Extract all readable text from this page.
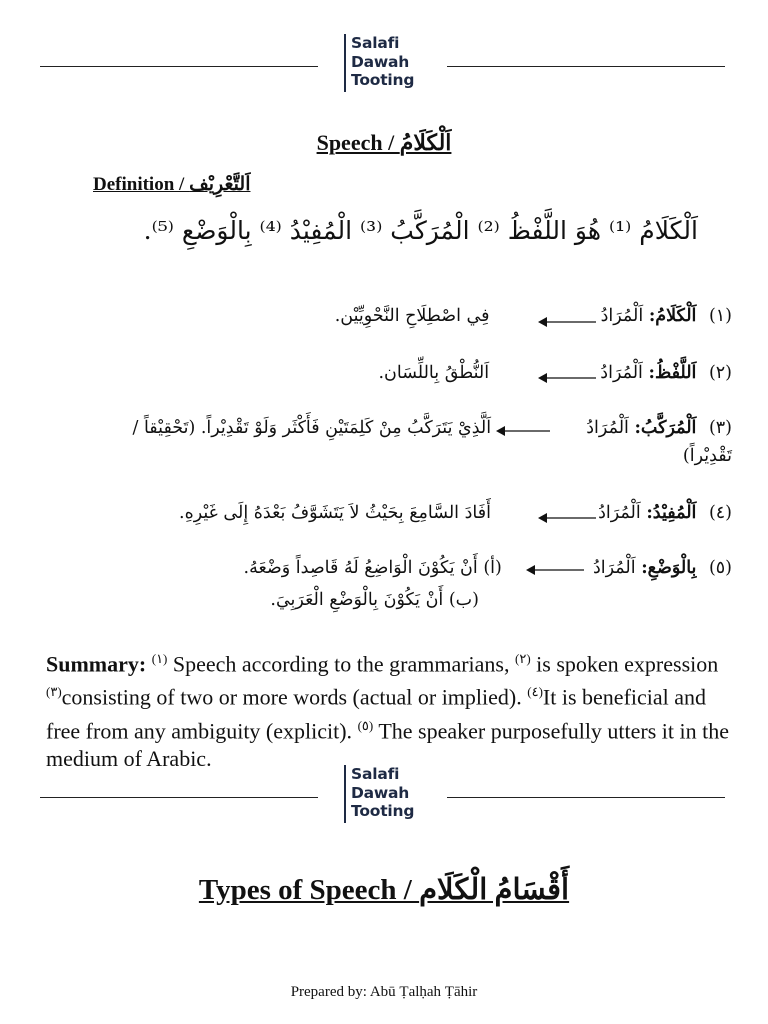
Salafi
Dawah
Tooting
Speech / اَلْكَلَامُ
Definition / اَلتَّعْرِيْف
اَلْكَلَامُ ⁽¹⁾ هُوَ اللَّفْظُ ⁽²⁾ الْمُرَكَّبُ ⁽³⁾ الْمُفِيْدُ ⁽⁴⁾ بِالْوَضْعِ ⁽⁵⁾.
(١) اَلْكَلَامُ: اَلْمُرَادُ  فِي اصْطِلَاحِ النَّحْوِيِّيْن.
(٢) اَللَّفْظُ: اَلْمُرَادُ  اَلنُّطْقُ بِاللِّسَان.
(٣) اَلْمُرَكَّبُ: اَلْمُرَادُ  اَلَّذِيْ يَتَرَكَّبُ مِنْ كَلِمَتَيْنِ فَأَكْثَر وَلَوْ تَقْدِيْراً. (تَحْقِيْقاً /
تَقْدِيْراً)
(٤) اَلْمُفِيْدُ: اَلْمُرَادُ  أَفَادَ السَّامِعَ بِحَيْثُ لاَ يَتَشَوَّفُ بَعْدَهُ إِلَى غَيْرِهِ.
(٥) بِالْوَضْعِ: اَلْمُرَادُ  (أ) أَنْ يَكُوْنَ الْوَاضِعُ لَهُ قَاصِداً وَضْعَهُ.
(ب) أَنْ يَكُوْنَ بِالْوَضْعِ الْعَرَبِيَ.
Summary: $^{(١)}$ Speech according to the grammarians, $^{(٢)}$ is spoken expression $^{(٣)}$consisting of two or more words (actual or implied). $^{(٤)}$It is beneficial and free from any ambiguity (explicit). $^{(٥)}$ The speaker purposefully utters it in the medium of Arabic.
Salafi
Dawah
Tooting
Types of Speech / أَقْسَامُ الْكَلَام
Prepared by: Abū Ṭalḥah Ṭāhir
